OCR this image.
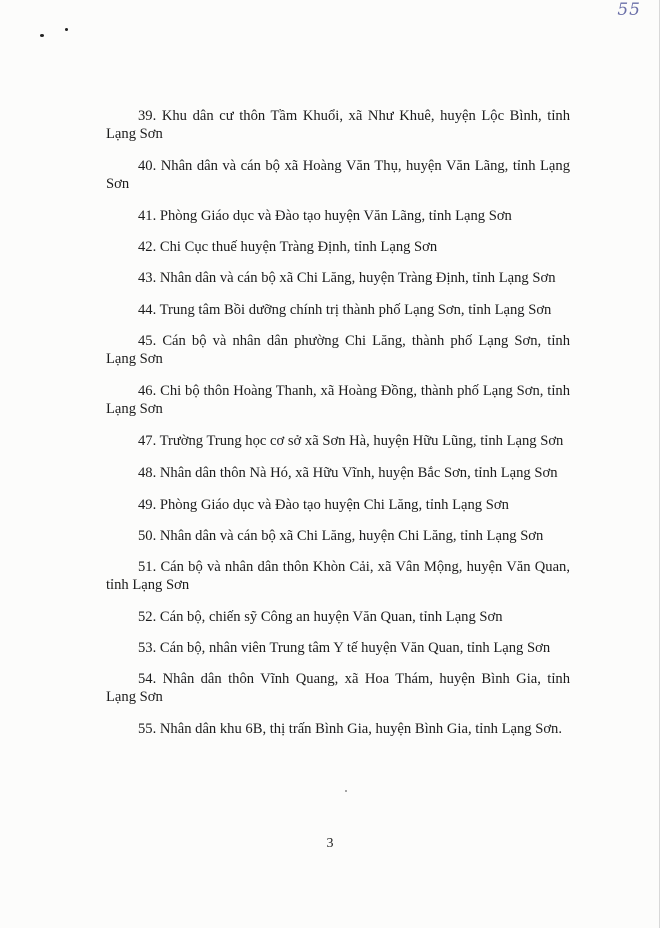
55

39. Khu dân cư thôn Tầm Khuổi, xã Như Khuê, huyện Lộc Bình, tỉnh Lạng Sơn

40. Nhân dân và cán bộ xã Hoàng Văn Thụ, huyện Văn Lãng, tỉnh Lạng Sơn

41. Phòng Giáo dục và Đào tạo huyện Văn Lãng, tỉnh Lạng Sơn

42. Chi Cục thuế huyện Tràng Định, tỉnh Lạng Sơn

43. Nhân dân và cán bộ xã Chi Lăng, huyện Tràng Định, tỉnh Lạng Sơn

44. Trung tâm Bồi dưỡng chính trị thành phố Lạng Sơn, tỉnh Lạng Sơn

45. Cán bộ và nhân dân phường Chi Lăng, thành phố Lạng Sơn, tỉnh Lạng Sơn

46. Chi bộ thôn Hoàng Thanh, xã Hoàng Đồng, thành phố Lạng Sơn, tỉnh Lạng Sơn

47. Trường Trung học cơ sở xã Sơn Hà, huyện Hữu Lũng, tỉnh Lạng Sơn

48. Nhân dân thôn Nà Hó, xã Hữu Vĩnh, huyện Bắc Sơn, tỉnh Lạng Sơn

49. Phòng Giáo dục và Đào tạo huyện Chi Lăng, tỉnh Lạng Sơn

50. Nhân dân và cán bộ xã Chi Lăng, huyện Chi Lăng, tỉnh Lạng Sơn

51. Cán bộ và nhân dân thôn Khòn Cải, xã Vân Mộng, huyện Văn Quan, tỉnh Lạng Sơn

52. Cán bộ, chiến sỹ Công an huyện Văn Quan, tỉnh Lạng Sơn

53. Cán bộ, nhân viên Trung tâm Y tế huyện Văn Quan, tỉnh Lạng Sơn

54. Nhân dân thôn Vĩnh Quang, xã Hoa Thám, huyện Bình Gia, tỉnh Lạng Sơn

55. Nhân dân khu 6B, thị trấn Bình Gia, huyện Bình Gia, tỉnh Lạng Sơn.

3
